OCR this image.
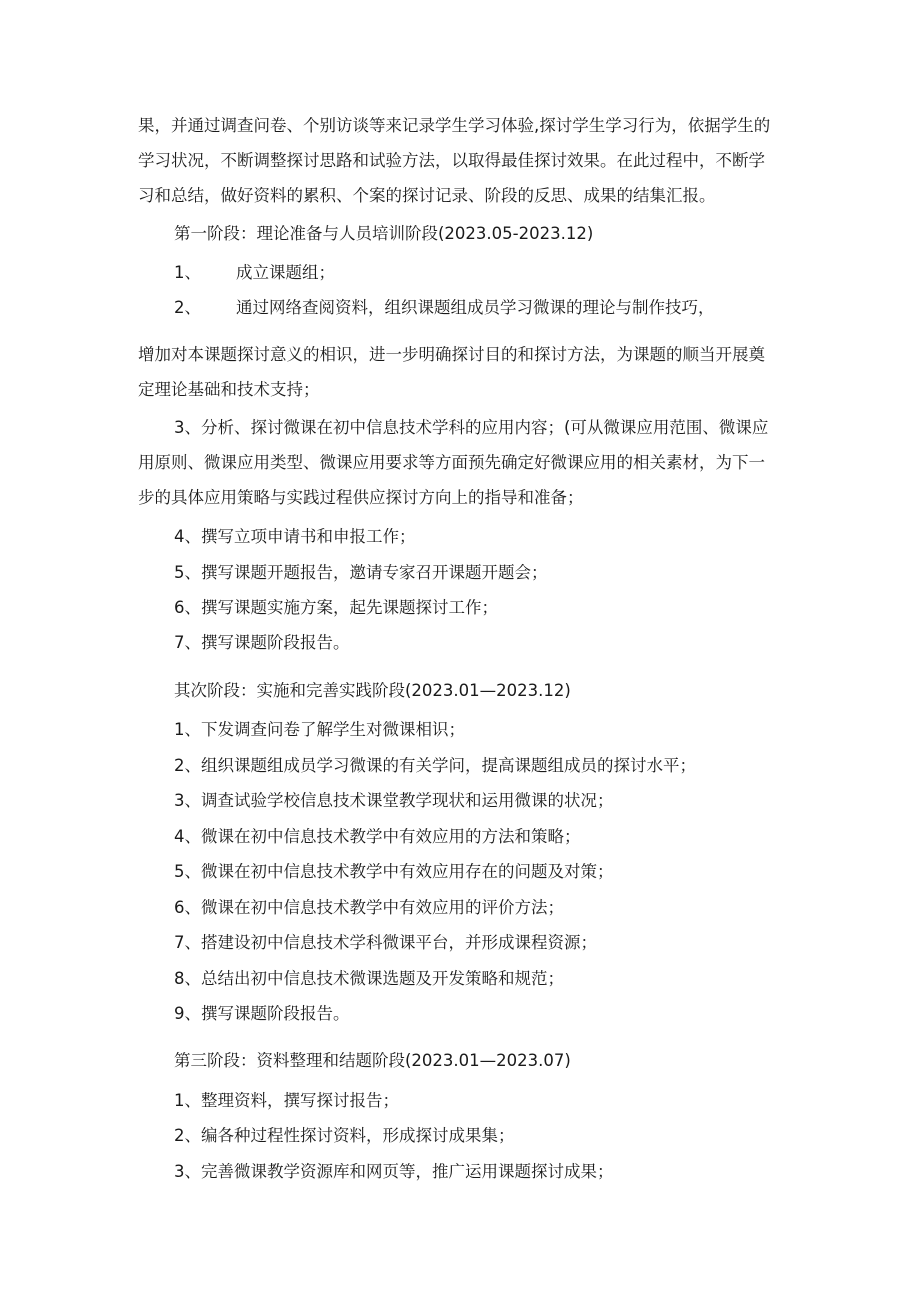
果，并通过调查问卷、个别访谈等来记录学生学习体验,探讨学生学习行为，依据学生的
学习状况，不断调整探讨思路和试验方法，以取得最佳探讨效果。在此过程中，不断学
习和总结，做好资料的累积、个案的探讨记录、阶段的反思、成果的结集汇报。
第一阶段：理论准备与人员培训阶段(2023.05-2023.12)
1、 成立课题组；
2、 通过网络查阅资料，组织课题组成员学习微课的理论与制作技巧，
增加对本课题探讨意义的相识，进一步明确探讨目的和探讨方法，为课题的顺当开展奠
定理论基础和技术支持；
3、分析、探讨微课在初中信息技术学科的应用内容；(可从微课应用范围、微课应
用原则、微课应用类型、微课应用要求等方面预先确定好微课应用的相关素材，为下一
步的具体应用策略与实践过程供应探讨方向上的指导和准备；
4、撰写立项申请书和申报工作；
5、撰写课题开题报告，邀请专家召开课题开题会；
6、撰写课题实施方案，起先课题探讨工作；
7、撰写课题阶段报告。
其次阶段：实施和完善实践阶段(2023.01—2023.12)
1、下发调查问卷了解学生对微课相识；
2、组织课题组成员学习微课的有关学问，提高课题组成员的探讨水平；
3、调查试验学校信息技术课堂教学现状和运用微课的状况；
4、微课在初中信息技术教学中有效应用的方法和策略；
5、微课在初中信息技术教学中有效应用存在的问题及对策；
6、微课在初中信息技术教学中有效应用的评价方法；
7、搭建设初中信息技术学科微课平台，并形成课程资源；
8、总结出初中信息技术微课选题及开发策略和规范；
9、撰写课题阶段报告。
第三阶段：资料整理和结题阶段(2023.01—2023.07)
1、整理资料，撰写探讨报告；
2、编各种过程性探讨资料，形成探讨成果集；
3、完善微课教学资源库和网页等，推广运用课题探讨成果；
